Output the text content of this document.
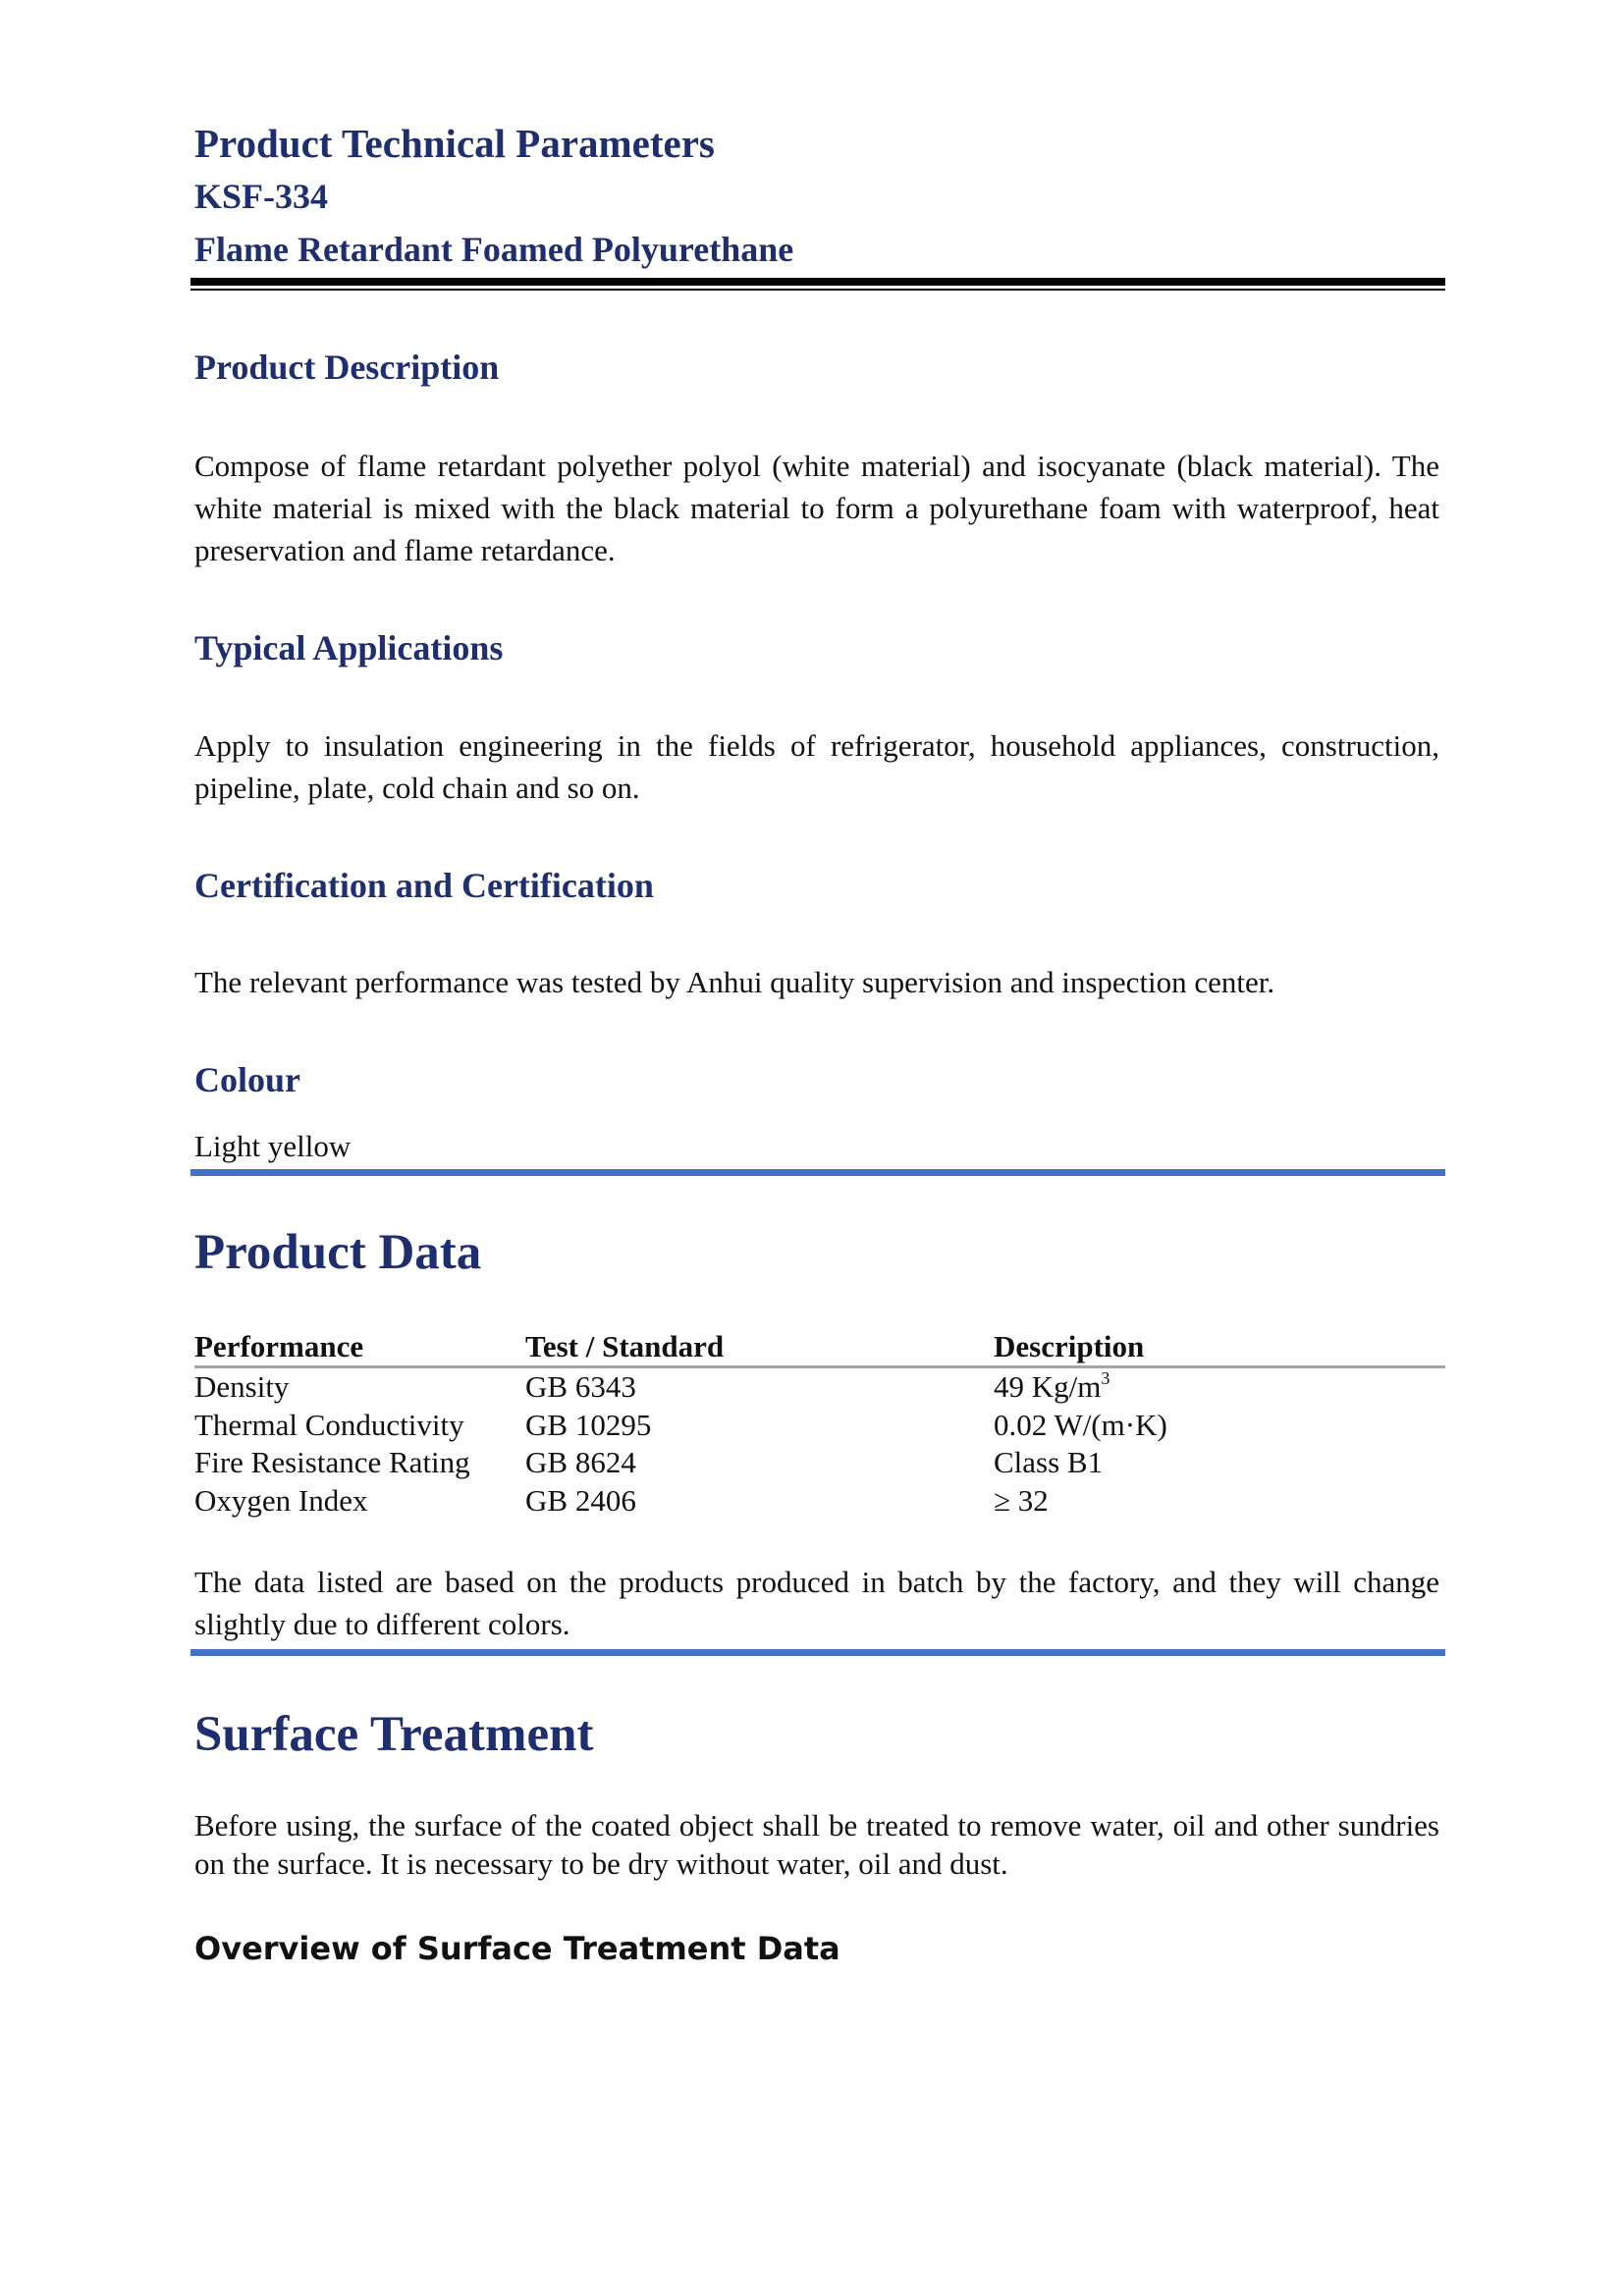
Product Technical Parameters
KSF-334
Flame Retardant Foamed Polyurethane
Product Description

Compose of flame retardant polyether polyol (white material) and isocyanate (black material). The white material is mixed with the black material to form a polyurethane foam with waterproof, heat preservation and flame retardance.

Typical Applications

Apply to insulation engineering in the fields of refrigerator, household appliances, construction, pipeline, plate, cold chain and so on.

Certification and Certification

The relevant performance was tested by Anhui quality supervision and inspection center.

Colour

Light yellow

Product Data
Performance	Test / Standard	Description

Density	GB 6343	49 $Kg/m^3$
Thermal Conductivity	GB 10295	0.02 W/(m·K)
Fire Resistance Rating	GB 8624	Class B1
Oxygen Index	GB 2406	≥ 32

The data listed are based on the products produced in batch by the factory, and they will change slightly due to different colors.

Surface Treatment

Before using, the surface of the coated object shall be treated to remove water, oil and other sundries on the surface. It is necessary to be dry without water, oil and dust.

Overview of Surface Treatment Data
